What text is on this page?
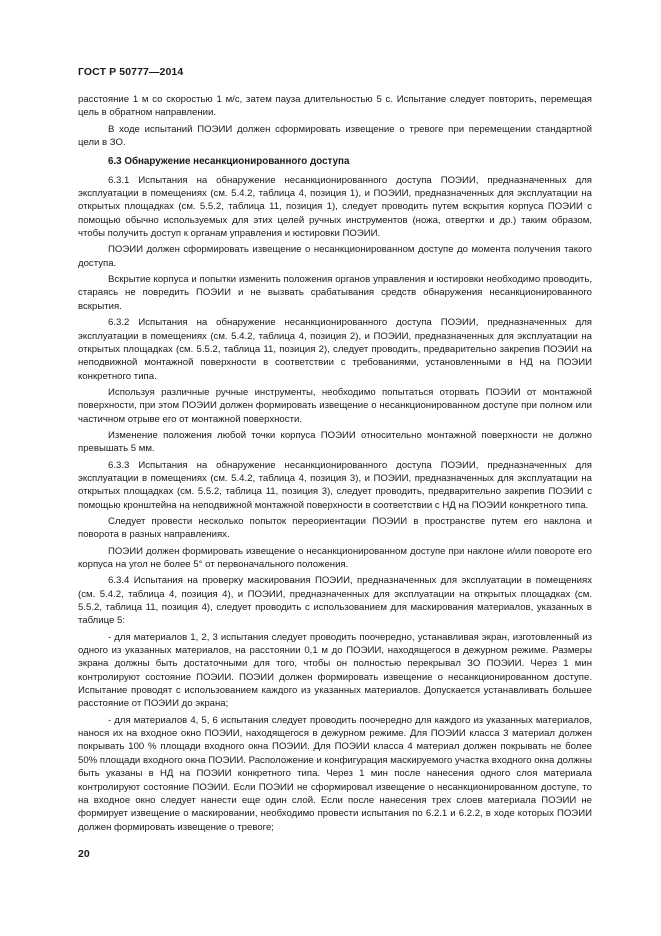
ГОСТ Р 50777—2014

расстояние 1 м со скоростью 1 м/с, затем пауза длительностью 5 с. Испытание следует повторить, перемещая цель в обратном направлении.

В ходе испытаний ПОЭИИ должен сформировать извещение о тревоге при перемещении стандартной цели в ЗО.

6.3 Обнаружение несанкционированного доступа

6.3.1 Испытания на обнаружение несанкционированного доступа ПОЭИИ, предназначенных для эксплуатации в помещениях (см. 5.4.2, таблица 4, позиция 1), и ПОЭИИ, предназначенных для эксплуатации на открытых площадках (см. 5.5.2, таблица 11, позиция 1), следует проводить путем вскрытия корпуса ПОЭИИ с помощью обычно используемых для этих целей ручных инструментов (ножа, отвертки и др.) таким образом, чтобы получить доступ к органам управления и юстировки ПОЭИИ.

ПОЭИИ должен сформировать извещение о несанкционированном доступе до момента получения такого доступа.

Вскрытие корпуса и попытки изменить положения органов управления и юстировки необходимо проводить, стараясь не повредить ПОЭИИ и не вызвать срабатывания средств обнаружения несанкционированного вскрытия.

6.3.2 Испытания на обнаружение несанкционированного доступа ПОЭИИ, предназначенных для эксплуатации в помещениях (см. 5.4.2, таблица 4, позиция 2), и ПОЭИИ, предназначенных для эксплуатации на открытых площадках (см. 5.5.2, таблица 11, позиция 2), следует проводить, предварительно закрепив ПОЭИИ на неподвижной монтажной поверхности в соответствии с требованиями, установленными в НД на ПОЭИИ конкретного типа.

Используя различные ручные инструменты, необходимо попытаться оторвать ПОЭИИ от монтажной поверхности, при этом ПОЭИИ должен формировать извещение о несанкционированном доступе при полном или частичном отрыве его от монтажной поверхности.

Изменение положения любой точки корпуса ПОЭИИ относительно монтажной поверхности не должно превышать 5 мм.

6.3.3 Испытания на обнаружение несанкционированного доступа ПОЭИИ, предназначенных для эксплуатации в помещениях (см. 5.4.2, таблица 4, позиция 3), и ПОЭИИ, предназначенных для эксплуатации на открытых площадках (см. 5.5.2, таблица 11, позиция 3), следует проводить, предварительно закрепив ПОЭИИ с помощью кронштейна на неподвижной монтажной поверхности в соответствии с НД на ПОЭИИ конкретного типа.

Следует провести несколько попыток переориентации ПОЭИИ в пространстве путем его наклона и поворота в разных направлениях.

ПОЭИИ должен формировать извещение о несанкционированном доступе при наклоне и/или повороте его корпуса на угол не более 5° от первоначального положения.

6.3.4 Испытания на проверку маскирования ПОЭИИ, предназначенных для эксплуатации в помещениях (см. 5.4.2, таблица 4, позиция 4), и ПОЭИИ, предназначенных для эксплуатации на открытых площадках (см. 5.5.2, таблица 11, позиция 4), следует проводить с использованием для маскирования материалов, указанных в таблице 5:

- для материалов 1, 2, 3 испытания следует проводить поочередно, устанавливая экран, изготовленный из одного из указанных материалов, на расстоянии 0,1 м до ПОЭИИ, находящегося в дежурном режиме. Размеры экрана должны быть достаточными для того, чтобы он полностью перекрывал ЗО ПОЭИИ. Через 1 мин контролируют состояние ПОЭИИ. ПОЭИИ должен формировать извещение о несанкционированном доступе. Испытание проводят с использованием каждого из указанных материалов. Допускается устанавливать большее расстояние от ПОЭИИ до экрана;

- для материалов 4, 5, 6 испытания следует проводить поочередно для каждого из указанных материалов, нанося их на входное окно ПОЭИИ, находящегося в дежурном режиме. Для ПОЭИИ класса 3 материал должен покрывать 100 % площади входного окна ПОЭИИ. Для ПОЭИИ класса 4 материал должен покрывать не более 50% площади входного окна ПОЭИИ. Расположение и конфигурация маскируемого участка входного окна должны быть указаны в НД на ПОЭИИ конкретного типа. Через 1 мин после нанесения одного слоя материала контролируют состояние ПОЭИИ. Если ПОЭИИ не сформировал извещение о несанкционированном доступе, то на входное окно следует нанести еще один слой. Если после нанесения трех слоев материала ПОЭИИ не формирует извещение о маскировании, необходимо провести испытания по 6.2.1 и 6.2.2, в ходе которых ПОЭИИ должен формировать извещение о тревоге;

20
